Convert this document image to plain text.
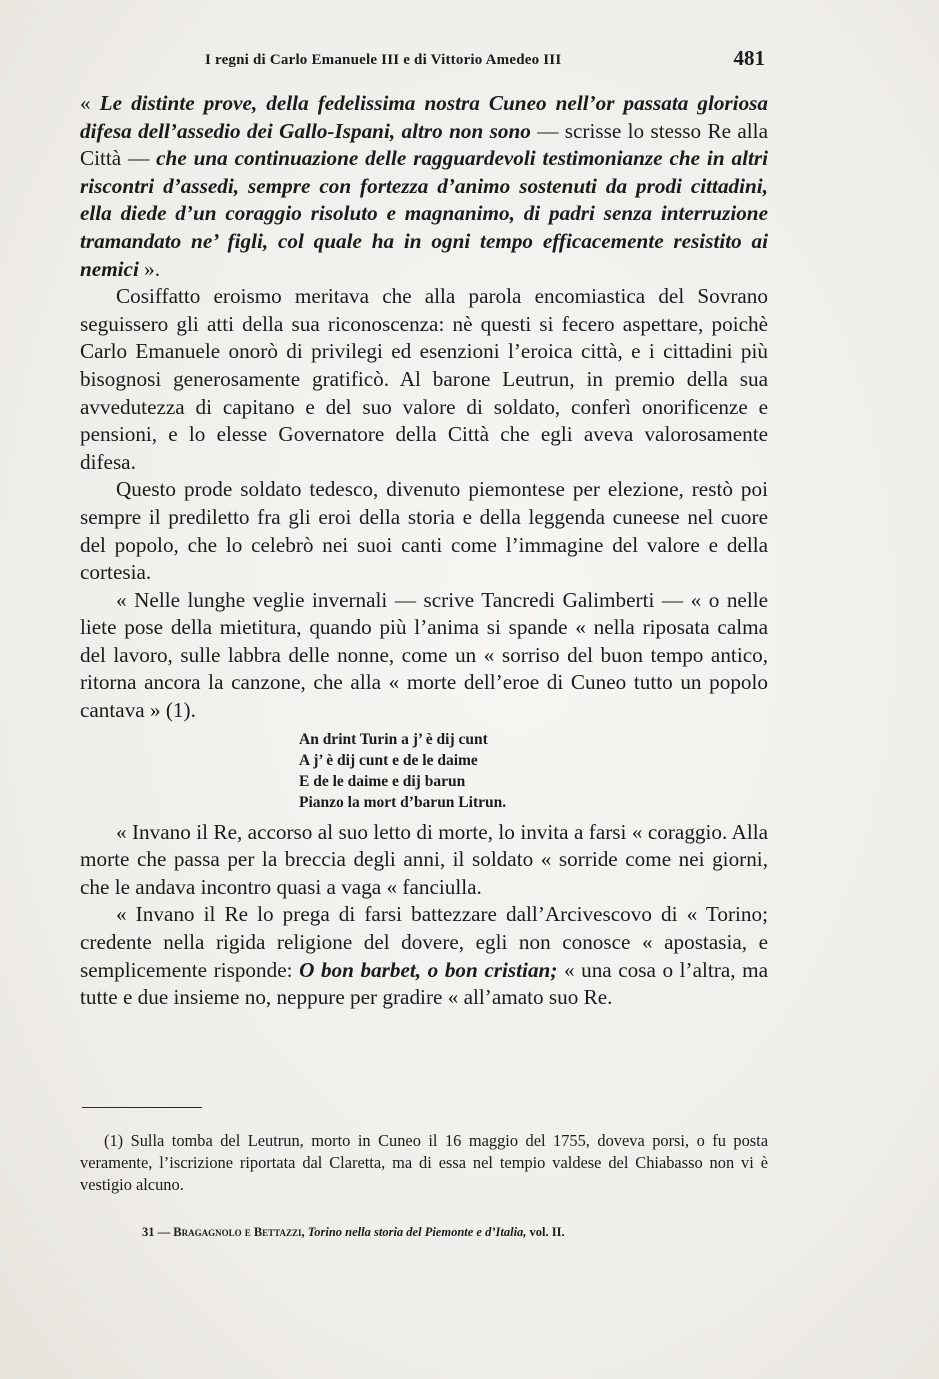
I regni di Carlo Emanuele III e di Vittorio Amedeo III	481

« Le distinte prove, della fedelissima nostra Cuneo nell’or passata gloriosa difesa dell’assedio dei Gallo-Ispani, altro non sono — scrisse lo stesso Re alla Città — che una continuazione delle ragguardevoli testimonianze che in altri riscontri d’assedi, sempre con fortezza d’animo sostenuti da prodi cittadini, ella diede d’un coraggio risoluto e magnanimo, di padri senza interruzione tramandato ne’ figli, col quale ha in ogni tempo efficacemente resistito ai nemici ».

Cosiffatto eroismo meritava che alla parola encomiastica del Sovrano seguissero gli atti della sua riconoscenza: nè questi si fecero aspettare, poichè Carlo Emanuele onorò di privilegi ed esenzioni l’eroica città, e i cittadini più bisognosi generosamente gratificò. Al barone Leutrun, in premio della sua avvedutezza di capitano e del suo valore di soldato, conferì onorificenze e pensioni, e lo elesse Governatore della Città che egli aveva valorosamente difesa.

Questo prode soldato tedesco, divenuto piemontese per elezione, restò poi sempre il prediletto fra gli eroi della storia e della leggenda cuneese nel cuore del popolo, che lo celebrò nei suoi canti come l’immagine del valore e della cortesia.

« Nelle lunghe veglie invernali — scrive Tancredi Galimberti — « o nelle liete pose della mietitura, quando più l’anima si spande « nella riposata calma del lavoro, sulle labbra delle nonne, come un « sorriso del buon tempo antico, ritorna ancora la canzone, che alla « morte dell’eroe di Cuneo tutto un popolo cantava » (1).

An drint Turin a j’ è dij cunt
A j’ è dij cunt e de le daime
E de le daime e dij barun
Pianzo la mort d’barun Litrun.

« Invano il Re, accorso al suo letto di morte, lo invita a farsi « coraggio. Alla morte che passa per la breccia degli anni, il soldato « sorride come nei giorni, che le andava incontro quasi a vaga « fanciulla.

« Invano il Re lo prega di farsi battezzare dall’Arcivescovo di « Torino; credente nella rigida religione del dovere, egli non conosce « apostasia, e semplicemente risponde: O bon barbet, o bon cristian; « una cosa o l’altra, ma tutte e due insieme no, neppure per gradire « all’amato suo Re.

(1) Sulla tomba del Leutrun, morto in Cuneo il 16 maggio del 1755, doveva porsi, o fu posta veramente, l’iscrizione riportata dal Claretta, ma di essa nel tempio valdese del Chiabasso non vi è vestigio alcuno.

31 — Bragagnolo e Bettazzi, Torino nella storia del Piemonte e d’Italia, vol. II.
